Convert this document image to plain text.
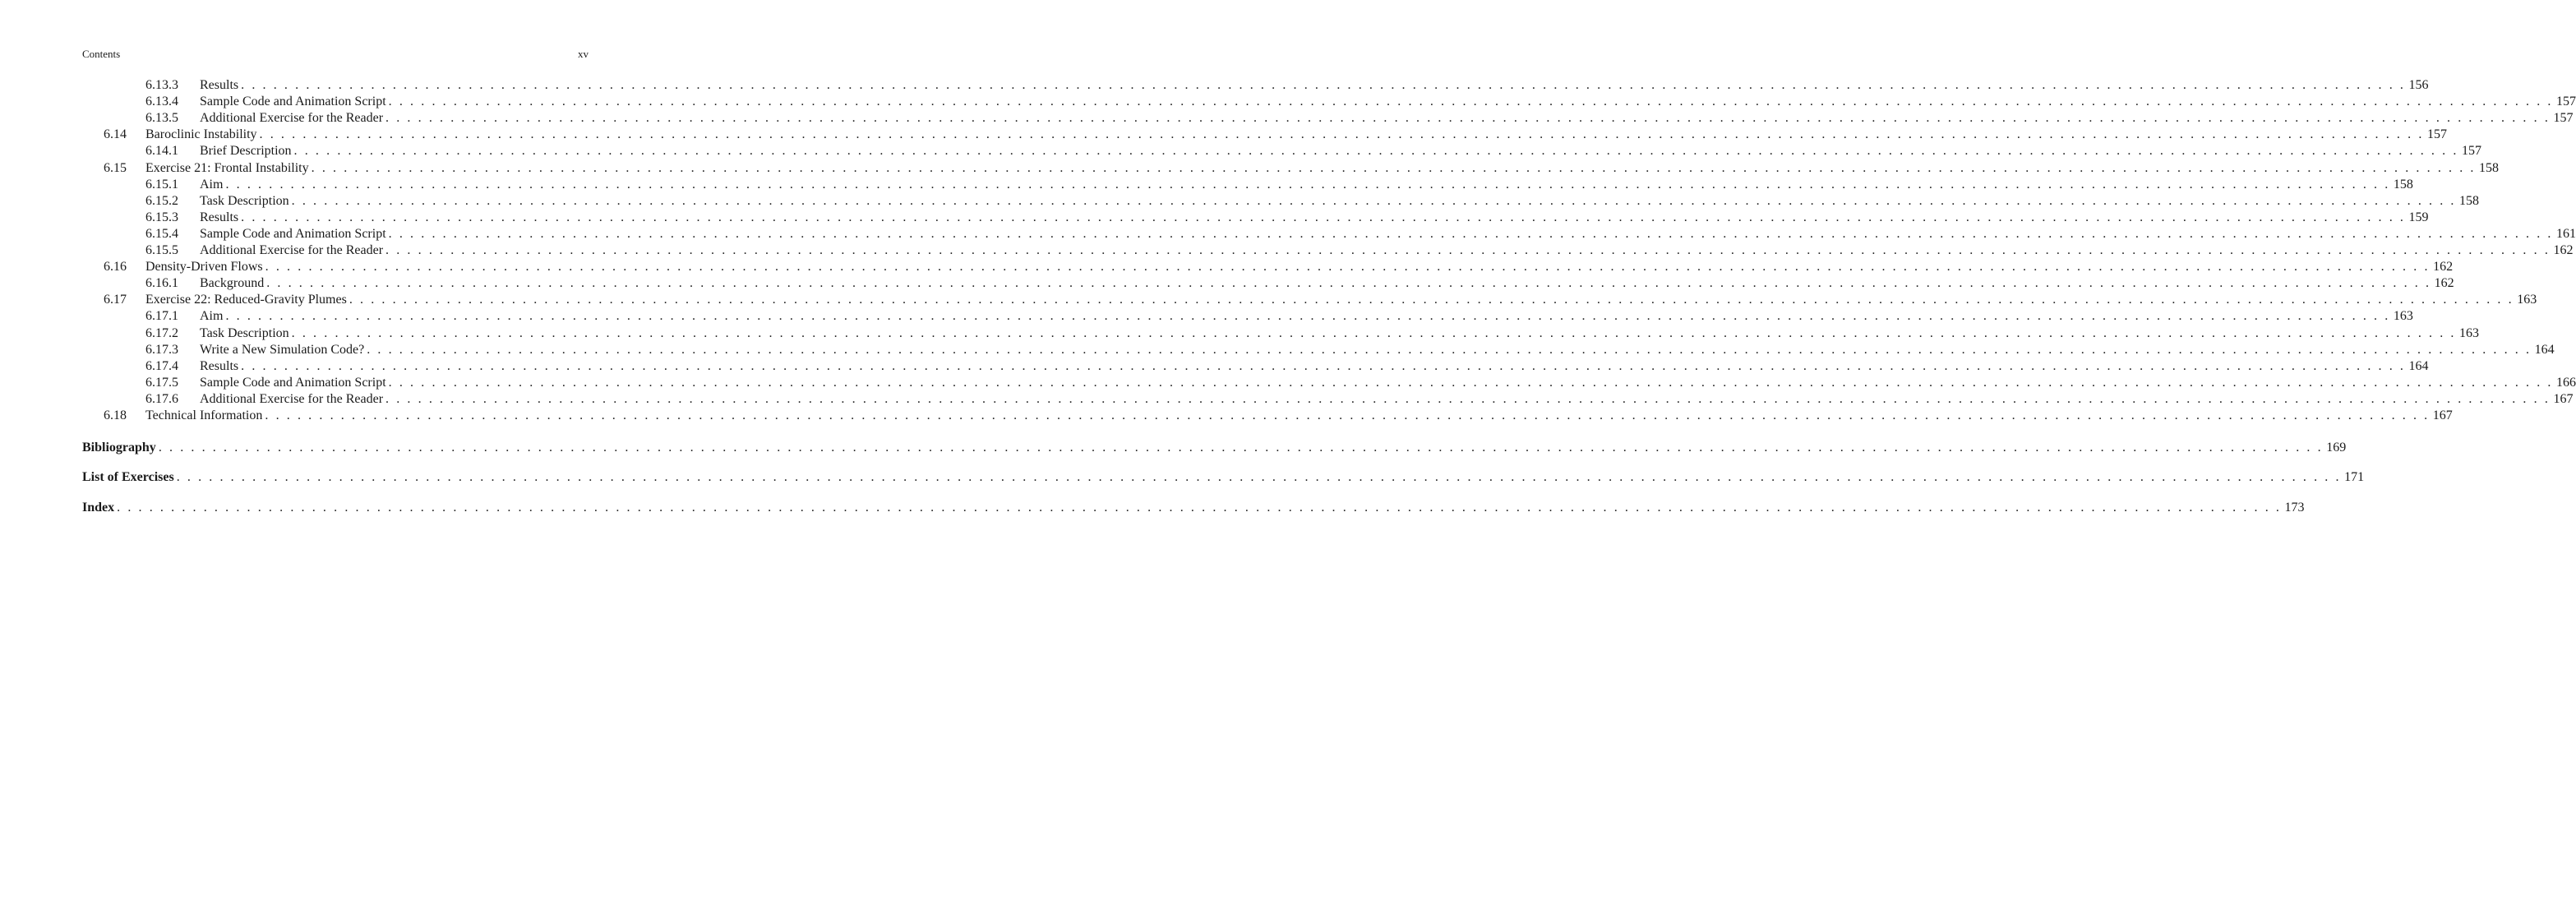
Contents	xv
6.13.3 Results . . . . . . . . . . . . . . . . . . . . . . . . . . . . . . . . . . . . . . . . . . . . . . . . . . . . . . . . . . . . . . . . . . . . . . . . . . . . . . . . . . . . . . . . . . . . . . . . . . . . . . . . . . . . . . . . . . . . . . . . . . . . . . . . . . . . . . . . . . . . . . . . . . . . . . . . . . . . . . . . . . . . . . . . . . . . . . . . . . . . . . . . . . . . . . . . . . . . . . . . 156
6.13.4 Sample Code and Animation Script . . . . . . . . . . . . . . . . . . . . . . . . . . . . . . . . . . . . . . . . . . . . . . . . . . . . . . . . . . . . . . . . . . . . . . . . . . . . . . . . . . . . . . . . . . . . . . . . . . . . . . . . . . . . . . . . . . . . . . . . . . . . . . . . . . . . . . . . . . . . . . . . . . . . . . . . . . . . . . . . . . . . . . . . . . . . . . . . . . . . . . . . . . . . . . . . . . . . . . . . 157
6.13.5 Additional Exercise for the Reader . . . . . . . . . . . . . . . . . . . . . . . . . . . . . . . . . . . . . . . . . . . . . . . . . . . . . . . . . . . . . . . . . . . . . . . . . . . . . . . . . . . . . . . . . . . . . . . . . . . . . . . . . . . . . . . . . . . . . . . . . . . . . . . . . . . . . . . . . . . . . . . . . . . . . . . . . . . . . . . . . . . . . . . . . . . . . . . . . . . . . . . . . . . . . . . . . . . . . . . . 157
6.14 Baroclinic Instability . . . . . . . . . . . . . . . . . . . . . . . . . . . . . . . . . . . . . . . . . . . . . . . . . . . . . . . . . . . . . . . . . . . . . . . . . . . . . . . . . . . . . . . . . . . . . . . . . . . . . . . . . . . . . . . . . . . . . . . . . . . . . . . . . . . . . . . . . . . . . . . . . . . . . . . . . . . . . . . . . . . . . . . . . . . . . . . . . . . . . . . . . . . . . . . . . . . . . . . . 157
6.14.1 Brief Description . . . . . . . . . . . . . . . . . . . . . . . . . . . . . . . . . . . . . . . . . . . . . . . . . . . . . . . . . . . . . . . . . . . . . . . . . . . . . . . . . . . . . . . . . . . . . . . . . . . . . . . . . . . . . . . . . . . . . . . . . . . . . . . . . . . . . . . . . . . . . . . . . . . . . . . . . . . . . . . . . . . . . . . . . . . . . . . . . . . . . . . . . . . . . . . . . . . . . . . . 157
6.15 Exercise 21: Frontal Instability . . . . . . . . . . . . . . . . . . . . . . . . . . . . . . . . . . . . . . . . . . . . . . . . . . . . . . . . . . . . . . . . . . . . . . . . . . . . . . . . . . . . . . . . . . . . . . . . . . . . . . . . . . . . . . . . . . . . . . . . . . . . . . . . . . . . . . . . . . . . . . . . . . . . . . . . . . . . . . . . . . . . . . . . . . . . . . . . . . . . . . . . . . . . . . . . . . . . . . . . 158
6.15.1 Aim . . . . . . . . . . . . . . . . . . . . . . . . . . . . . . . . . . . . . . . . . . . . . . . . . . . . . . . . . . . . . . . . . . . . . . . . . . . . . . . . . . . . . . . . . . . . . . . . . . . . . . . . . . . . . . . . . . . . . . . . . . . . . . . . . . . . . . . . . . . . . . . . . . . . . . . . . . . . . . . . . . . . . . . . . . . . . . . . . . . . . . . . . . . . . . . . . . . . . . . . 158
6.15.2 Task Description . . . . . . . . . . . . . . . . . . . . . . . . . . . . . . . . . . . . . . . . . . . . . . . . . . . . . . . . . . . . . . . . . . . . . . . . . . . . . . . . . . . . . . . . . . . . . . . . . . . . . . . . . . . . . . . . . . . . . . . . . . . . . . . . . . . . . . . . . . . . . . . . . . . . . . . . . . . . . . . . . . . . . . . . . . . . . . . . . . . . . . . . . . . . . . . . . . . . . . . . 158
6.15.3 Results . . . . . . . . . . . . . . . . . . . . . . . . . . . . . . . . . . . . . . . . . . . . . . . . . . . . . . . . . . . . . . . . . . . . . . . . . . . . . . . . . . . . . . . . . . . . . . . . . . . . . . . . . . . . . . . . . . . . . . . . . . . . . . . . . . . . . . . . . . . . . . . . . . . . . . . . . . . . . . . . . . . . . . . . . . . . . . . . . . . . . . . . . . . . . . . . . . . . . . . . 159
6.15.4 Sample Code and Animation Script . . . . . . . . . . . . . . . . . . . . . . . . . . . . . . . . . . . . . . . . . . . . . . . . . . . . . . . . . . . . . . . . . . . . . . . . . . . . . . . . . . . . . . . . . . . . . . . . . . . . . . . . . . . . . . . . . . . . . . . . . . . . . . . . . . . . . . . . . . . . . . . . . . . . . . . . . . . . . . . . . . . . . . . . . . . . . . . . . . . . . . . . . . . . . . . . . . . . . . . . 161
6.15.5 Additional Exercise for the Reader . . . . . . . . . . . . . . . . . . . . . . . . . . . . . . . . . . . . . . . . . . . . . . . . . . . . . . . . . . . . . . . . . . . . . . . . . . . . . . . . . . . . . . . . . . . . . . . . . . . . . . . . . . . . . . . . . . . . . . . . . . . . . . . . . . . . . . . . . . . . . . . . . . . . . . . . . . . . . . . . . . . . . . . . . . . . . . . . . . . . . . . . . . . . . . . . . . . . . . . . 162
6.16 Density-Driven Flows . . . . . . . . . . . . . . . . . . . . . . . . . . . . . . . . . . . . . . . . . . . . . . . . . . . . . . . . . . . . . . . . . . . . . . . . . . . . . . . . . . . . . . . . . . . . . . . . . . . . . . . . . . . . . . . . . . . . . . . . . . . . . . . . . . . . . . . . . . . . . . . . . . . . . . . . . . . . . . . . . . . . . . . . . . . . . . . . . . . . . . . . . . . . . . . . . . . . . . . . 162
6.16.1 Background . . . . . . . . . . . . . . . . . . . . . . . . . . . . . . . . . . . . . . . . . . . . . . . . . . . . . . . . . . . . . . . . . . . . . . . . . . . . . . . . . . . . . . . . . . . . . . . . . . . . . . . . . . . . . . . . . . . . . . . . . . . . . . . . . . . . . . . . . . . . . . . . . . . . . . . . . . . . . . . . . . . . . . . . . . . . . . . . . . . . . . . . . . . . . . . . . . . . . . . . 162
6.17 Exercise 22: Reduced-Gravity Plumes . . . . . . . . . . . . . . . . . . . . . . . . . . . . . . . . . . . . . . . . . . . . . . . . . . . . . . . . . . . . . . . . . . . . . . . . . . . . . . . . . . . . . . . . . . . . . . . . . . . . . . . . . . . . . . . . . . . . . . . . . . . . . . . . . . . . . . . . . . . . . . . . . . . . . . . . . . . . . . . . . . . . . . . . . . . . . . . . . . . . . . . . . . . . . . . . . . . . . . . . 163
6.17.1 Aim . . . . . . . . . . . . . . . . . . . . . . . . . . . . . . . . . . . . . . . . . . . . . . . . . . . . . . . . . . . . . . . . . . . . . . . . . . . . . . . . . . . . . . . . . . . . . . . . . . . . . . . . . . . . . . . . . . . . . . . . . . . . . . . . . . . . . . . . . . . . . . . . . . . . . . . . . . . . . . . . . . . . . . . . . . . . . . . . . . . . . . . . . . . . . . . . . . . . . . . . 163
6.17.2 Task Description . . . . . . . . . . . . . . . . . . . . . . . . . . . . . . . . . . . . . . . . . . . . . . . . . . . . . . . . . . . . . . . . . . . . . . . . . . . . . . . . . . . . . . . . . . . . . . . . . . . . . . . . . . . . . . . . . . . . . . . . . . . . . . . . . . . . . . . . . . . . . . . . . . . . . . . . . . . . . . . . . . . . . . . . . . . . . . . . . . . . . . . . . . . . . . . . . . . . . . . . 163
6.17.3 Write a New Simulation Code? . . . . . . . . . . . . . . . . . . . . . . . . . . . . . . . . . . . . . . . . . . . . . . . . . . . . . . . . . . . . . . . . . . . . . . . . . . . . . . . . . . . . . . . . . . . . . . . . . . . . . . . . . . . . . . . . . . . . . . . . . . . . . . . . . . . . . . . . . . . . . . . . . . . . . . . . . . . . . . . . . . . . . . . . . . . . . . . . . . . . . . . . . . . . . . . . . . . . . . . . 164
6.17.4 Results . . . . . . . . . . . . . . . . . . . . . . . . . . . . . . . . . . . . . . . . . . . . . . . . . . . . . . . . . . . . . . . . . . . . . . . . . . . . . . . . . . . . . . . . . . . . . . . . . . . . . . . . . . . . . . . . . . . . . . . . . . . . . . . . . . . . . . . . . . . . . . . . . . . . . . . . . . . . . . . . . . . . . . . . . . . . . . . . . . . . . . . . . . . . . . . . . . . . . . . . 164
6.17.5 Sample Code and Animation Script . . . . . . . . . . . . . . . . . . . . . . . . . . . . . . . . . . . . . . . . . . . . . . . . . . . . . . . . . . . . . . . . . . . . . . . . . . . . . . . . . . . . . . . . . . . . . . . . . . . . . . . . . . . . . . . . . . . . . . . . . . . . . . . . . . . . . . . . . . . . . . . . . . . . . . . . . . . . . . . . . . . . . . . . . . . . . . . . . . . . . . . . . . . . . . . . . . . . . . . . 166
6.17.6 Additional Exercise for the Reader . . . . . . . . . . . . . . . . . . . . . . . . . . . . . . . . . . . . . . . . . . . . . . . . . . . . . . . . . . . . . . . . . . . . . . . . . . . . . . . . . . . . . . . . . . . . . . . . . . . . . . . . . . . . . . . . . . . . . . . . . . . . . . . . . . . . . . . . . . . . . . . . . . . . . . . . . . . . . . . . . . . . . . . . . . . . . . . . . . . . . . . . . . . . . . . . . . . . . . . . 167
6.18 Technical Information . . . . . . . . . . . . . . . . . . . . . . . . . . . . . . . . . . . . . . . . . . . . . . . . . . . . . . . . . . . . . . . . . . . . . . . . . . . . . . . . . . . . . . . . . . . . . . . . . . . . . . . . . . . . . . . . . . . . . . . . . . . . . . . . . . . . . . . . . . . . . . . . . . . . . . . . . . . . . . . . . . . . . . . . . . . . . . . . . . . . . . . . . . . . . . . . . . . . . . . . 167
Bibliography . . . . . . . . . . . . . . . . . . . . . . . . . . . . . . . . . . . . . . . . . . . . . . . . . . . . . . . . . . . . . . . . . . . . . . . . . . . . . . . . . . . . . . . . . . . . . . . . . . . . . . . . . . . . . . . . . . . . . . . . . . . . . . . . . . . . . . . . . . . . . . . . . . . . . . . . . . . . . . . . . . . . . . . . . . . . . . . . . . . . . . . . . . . . . . . . . . . . . . . . 169
List of Exercises . . . . . . . . . . . . . . . . . . . . . . . . . . . . . . . . . . . . . . . . . . . . . . . . . . . . . . . . . . . . . . . . . . . . . . . . . . . . . . . . . . . . . . . . . . . . . . . . . . . . . . . . . . . . . . . . . . . . . . . . . . . . . . . . . . . . . . . . . . . . . . . . . . . . . . . . . . . . . . . . . . . . . . . . . . . . . . . . . . . . . . . . . . . . . . . . . . . . . . . . 171
Index . . . . . . . . . . . . . . . . . . . . . . . . . . . . . . . . . . . . . . . . . . . . . . . . . . . . . . . . . . . . . . . . . . . . . . . . . . . . . . . . . . . . . . . . . . . . . . . . . . . . . . . . . . . . . . . . . . . . . . . . . . . . . . . . . . . . . . . . . . . . . . . . . . . . . . . . . . . . . . . . . . . . . . . . . . . . . . . . . . . . . . . . . . . . . . . . . . . . . . . . 173
